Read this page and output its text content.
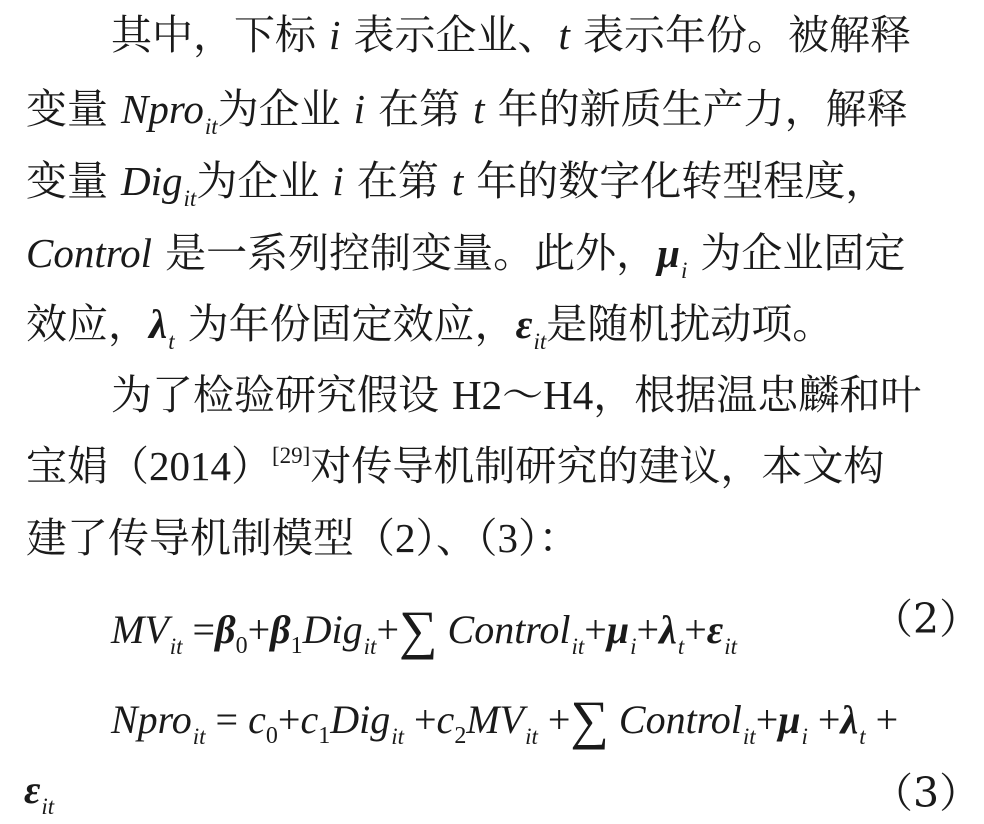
其中，下标 i 表示企业、t 表示年份。被解释
变量 Npro$_{it}$为企业 i 在第 t 年的新质生产力，解释
变量 Dig$_{it}$为企业 i 在第 t 年的数字化转型程度，
Control 是一系列控制变量。此外，$\mu_i$ 为企业固定
效应，$\lambda_t$ 为年份固定效应，$\varepsilon_{it}$是随机扰动项。
为了检验研究假设 H2～H4，根据温忠麟和叶
宝娟（2014）[29]对传导机制研究的建议，本文构
建了传导机制模型（2）、（3）：
$MV_{it} =\beta_0+\beta_1Dig_{it}+\sum$ $Control_{it}+\mu_i+\lambda_t+\varepsilon_{it}$
（2）
Npro$_{it}$ = $c_0+c_1Dig_{it} +c_2MV_{it}$ +∑ $Control_{it}+\mu_i +\lambda_t$ +
$\varepsilon_{it}$	（3）
